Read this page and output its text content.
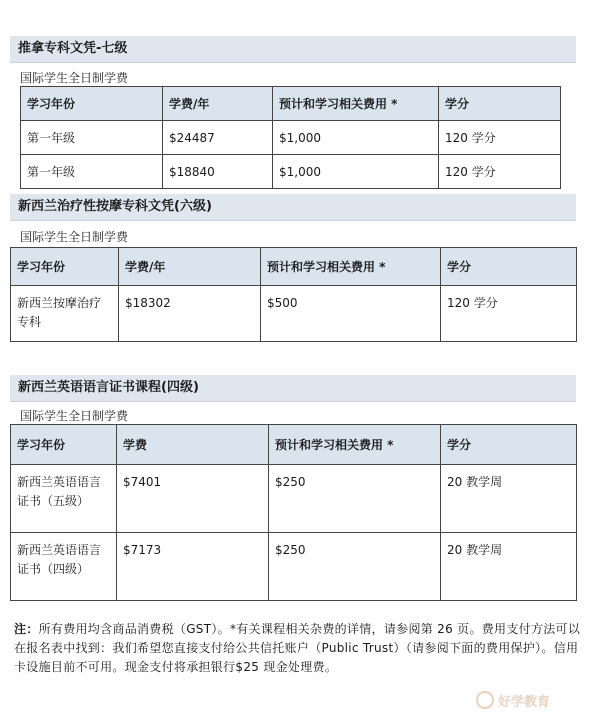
推拿专科文凭-七级
国际学生全日制学费
学习年份	学费/年	预计和学习相关费用 *	学分
第一年级	$24487	$1,000	120 学分
第一年级	$18840	$1,000	120 学分
新西兰治疗性按摩专科文凭(六级)
国际学生全日制学费
学习年份	学费/年	预计和学习相关费用 *	学分
新西兰按摩治疗专科	$18302	$500	120 学分
新西兰英语语言证书课程(四级)
国际学生全日制学费
学习年份	学费	预计和学习相关费用 *	学分
新西兰英语语言证书（五级）	$7401	$250	20 教学周
新西兰英语语言证书（四级）	$7173	$250	20 教学周
注：所有费用均含商品消费税（GST）。*有关课程相关杂费的详情，请参阅第 26 页。费用支付方法可以在报名表中找到：我们希望您直接支付给公共信托账户（Public Trust）（请参阅下面的费用保护）。信用卡设施目前不可用。现金支付将承担银行$25 现金处理费。
好学教育
